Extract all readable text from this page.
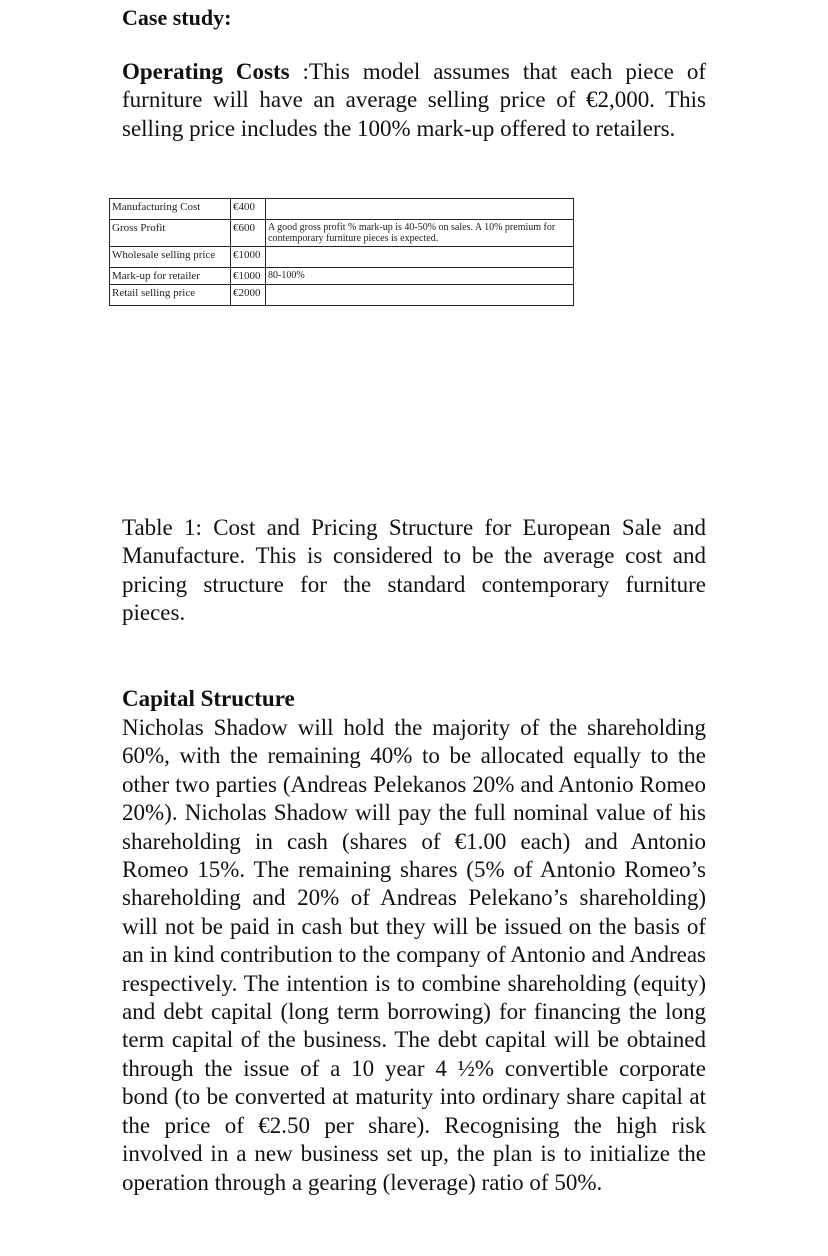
Case study:

Operating Costs :This model assumes that each piece of furniture will have an average selling price of €2,000. This selling price includes the 100% mark-up offered to retailers.

Manufacturing Cost	€400	
Gross Profit	€600	A good gross profit % mark-up is 40-50% on sales. A 10% premium for contemporary furniture pieces is expected.
Wholesale selling price	€1000	
Mark-up for retailer	€1000	80-100%
Retail selling price	€2000	

Table 1: Cost and Pricing Structure for European Sale and Manufacture. This is considered to be the average cost and pricing structure for the standard contemporary furniture pieces.

Capital Structure

Nicholas Shadow will hold the majority of the shareholding 60%, with the remaining 40% to be allocated equally to the other two parties (Andreas Pelekanos 20% and Antonio Romeo 20%). Nicholas Shadow will pay the full nominal value of his shareholding in cash (shares of €1.00 each) and Antonio Romeo 15%. The remaining shares (5% of Antonio Romeo’s shareholding and 20% of Andreas Pelekano’s shareholding) will not be paid in cash but they will be issued on the basis of an in kind contribution to the company of Antonio and Andreas respectively. The intention is to combine shareholding (equity) and debt capital (long term borrowing) for financing the long term capital of the business. The debt capital will be obtained through the issue of a 10 year 4 ½% convertible corporate bond (to be converted at maturity into ordinary share capital at the price of €2.50 per share). Recognising the high risk involved in a new business set up, the plan is to initialize the operation through a gearing (leverage) ratio of 50%.
